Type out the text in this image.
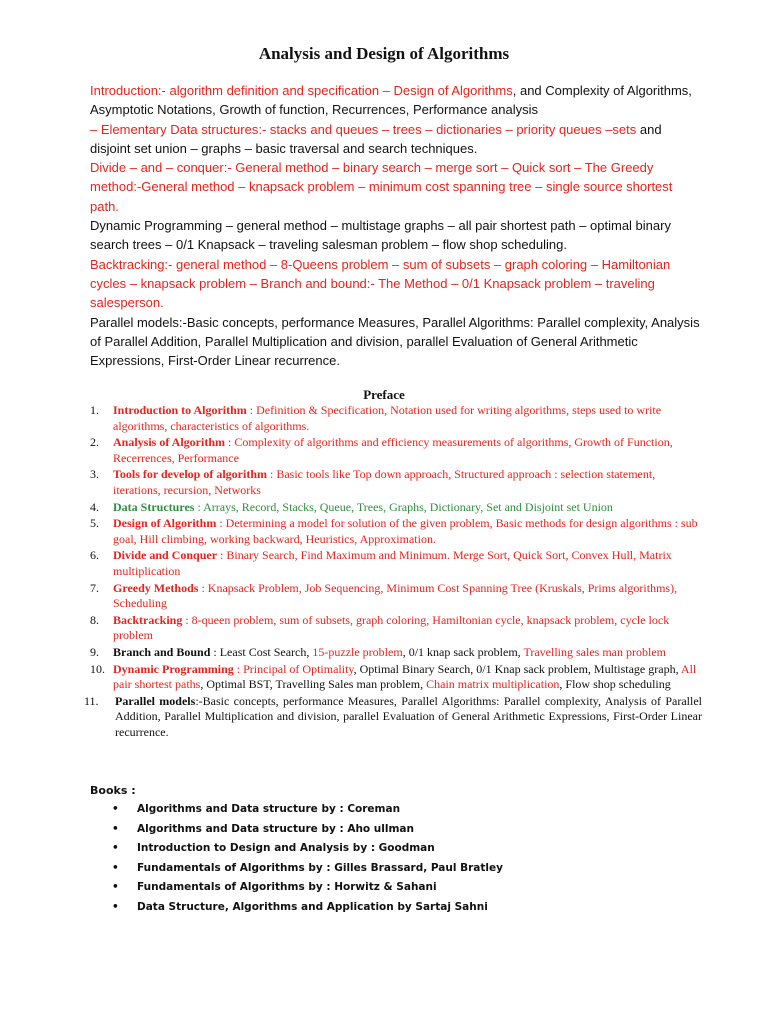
Analysis and Design of Algorithms

Introduction:- algorithm definition and specification – Design of Algorithms, and Complexity of Algorithms, Asymptotic Notations, Growth of function, Recurrences, Performance analysis

– Elementary Data structures:- stacks and queues – trees – dictionaries – priority queues –sets and disjoint set union – graphs – basic traversal and search techniques.

Divide – and – conquer:- General method – binary search – merge sort – Quick sort – The Greedy method:-General method – knapsack problem – minimum cost spanning tree – single source shortest path.

Dynamic Programming – general method – multistage graphs – all pair shortest path – optimal binary search trees – 0/1 Knapsack – traveling salesman problem – flow shop scheduling.

Backtracking:- general method – 8-Queens problem – sum of subsets – graph coloring – Hamiltonian cycles – knapsack problem – Branch and bound:- The Method – 0/1 Knapsack problem – traveling salesperson.

Parallel models:-Basic concepts, performance Measures, Parallel Algorithms: Parallel complexity, Analysis of Parallel Addition, Parallel Multiplication and division, parallel Evaluation of General Arithmetic Expressions, First-Order Linear recurrence.

Preface
1. Introduction to Algorithm : Definition & Specification, Notation used for writing algorithms, steps used to write algorithms, characteristics of algorithms.
2. Analysis of Algorithm : Complexity of algorithms and efficiency measurements of algorithms, Growth of Function, Recerrences, Performance
3. Tools for develop of algorithm : Basic tools like Top down approach, Structured approach : selection statement, iterations, recursion, Networks
4. Data Structures : Arrays, Record, Stacks, Queue, Trees, Graphs, Dictionary, Set and Disjoint set Union
5. Design of Algorithm : Determining a model for solution of the given problem, Basic methods for design algorithms : sub goal, Hill climbing, working backward, Heuristics, Approximation.
6. Divide and Conquer : Binary Search, Find Maximum and Minimum. Merge Sort, Quick Sort, Convex Hull, Matrix multiplication
7. Greedy Methods : Knapsack Problem, Job Sequencing, Minimum Cost Spanning Tree (Kruskals, Prims algorithms), Scheduling
8. Backtracking : 8-queen problem, sum of subsets, graph coloring, Hamiltonian cycle, knapsack problem, cycle lock problem
9. Branch and Bound : Least Cost Search, 15-puzzle problem, 0/1 knap sack problem, Travelling sales man problem
10. Dynamic Programming : Principal of Optimality, Optimal Binary Search, 0/1 Knap sack problem, Multistage graph, All pair shortest paths, Optimal BST, Travelling Sales man problem, Chain matrix multiplication, Flow shop scheduling
11. Parallel models:-Basic concepts, performance Measures, Parallel Algorithms: Parallel complexity, Analysis of Parallel Addition, Parallel Multiplication and division, parallel Evaluation of General Arithmetic Expressions, First-Order Linear recurrence.
Books :
• Algorithms and Data structure by : Coreman
• Algorithms and Data structure by : Aho ullman
• Introduction to Design and Analysis by : Goodman
• Fundamentals of Algorithms by : Gilles Brassard, Paul Bratley
• Fundamentals of Algorithms by : Horwitz & Sahani
• Data Structure, Algorithms and Application by Sartaj Sahni
